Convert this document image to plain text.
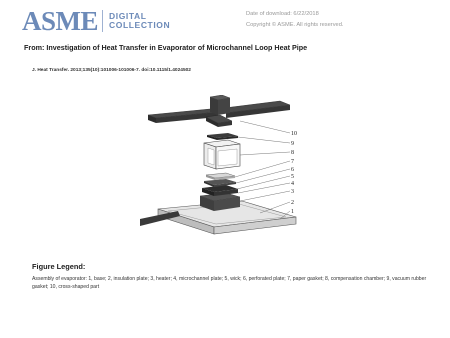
ASME DIGITAL
COLLECTION
Date of download: 6/22/2018
Copyright © ASME. All rights reserved.
From: Investigation of Heat Transfer in Evaporator of Microchannel Loop Heat Pipe
J. Heat Transfer. 2013;135(10):101006-101006-7. doi:10.1115/1.4024502
10
9
8
7
6
5
4
3
2
1
Figure Legend:
Assembly of evaporator: 1, base; 2, insulation plate; 3, heater; 4, microchannel plate; 5, wick; 6, perforated plate; 7, paper gasket; 8, compensation chamber; 9, vacuum rubber gasket; 10, cross-shaped part
